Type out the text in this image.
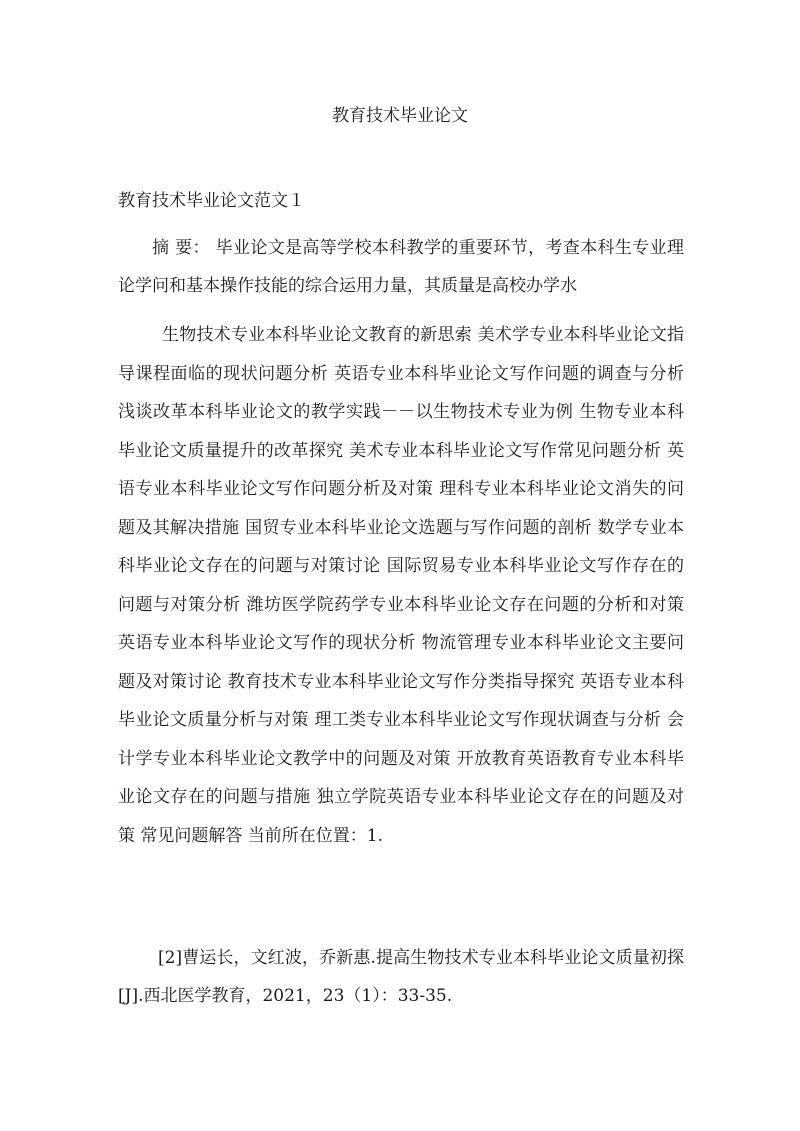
教育技术毕业论文

教育技术毕业论文范文１

摘 要： 毕业论文是高等学校本科教学的重要环节，考查本科生专业理论学问和基本操作技能的综合运用力量，其质量是高校办学水

生物技术专业本科毕业论文教育的新思索 美术学专业本科毕业论文指导课程面临的现状问题分析 英语专业本科毕业论文写作问题的调查与分析 浅谈改革本科毕业论文的教学实践－－以生物技术专业为例 生物专业本科毕业论文质量提升的改革探究 美术专业本科毕业论文写作常见问题分析 英语专业本科毕业论文写作问题分析及对策 理科专业本科毕业论文消失的问题及其解决措施 国贸专业本科毕业论文选题与写作问题的剖析 数学专业本科毕业论文存在的问题与对策讨论 国际贸易专业本科毕业论文写作存在的问题与对策分析 潍坊医学院药学专业本科毕业论文存在问题的分析和对策 英语专业本科毕业论文写作的现状分析 物流管理专业本科毕业论文主要问题及对策讨论 教育技术专业本科毕业论文写作分类指导探究 英语专业本科毕业论文质量分析与对策 理工类专业本科毕业论文写作现状调查与分析 会计学专业本科毕业论文教学中的问题及对策 开放教育英语教育专业本科毕业论文存在的问题与措施 独立学院英语专业本科毕业论文存在的问题及对策 常见问题解答 当前所在位置：1.

[2]曹运长，文红波，乔新惠.提高生物技术专业本科毕业论文质量初探[J].西北医学教育，2021，23（1）：33-35.
